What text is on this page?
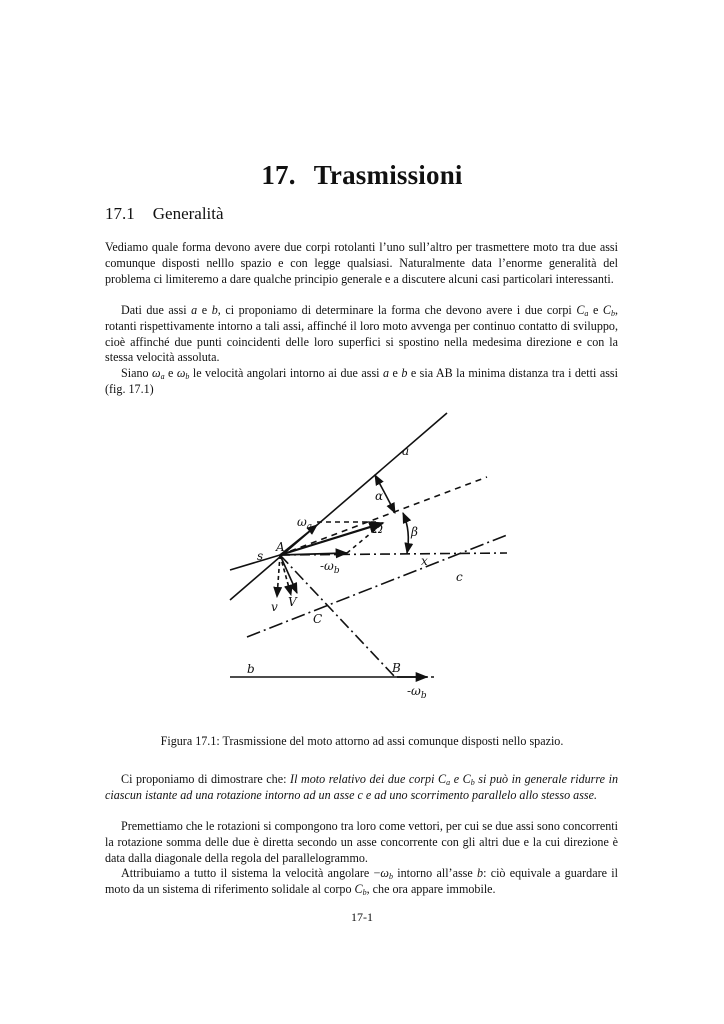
17. Trasmissioni
17.1 Generalità

Vediamo quale forma devono avere due corpi rotolanti l’uno sull’altro per trasmettere moto tra due assi comunque disposti nelllo spazio e con legge qualsiasi. Naturalmente data l’enorme generalità del problema ci limiteremo a dare qualche principio generale e a discutere alcuni casi particolari interessanti.

Dati due assi a e b, ci proponiamo di determinare la forma che devono avere i due corpi $C_a$ e $C_b$, rotanti rispettivamente intorno a tali assi, affinché il loro moto avvenga per continuo contatto di sviluppo, cioè affinché due punti coincidenti delle loro superfici si spostino nella medesima direzione e con la stessa velocità assoluta.

Siano $\omega_a$ e $\omega_b$ le velocità angolari intorno ai due assi a e b e sia AB la minima distanza tra i detti assi (fig. 17.1)

a
α
$\omega_a$	Ω β
A
$-\omega_b$
x
c
s
v V
C
b	B
$-\omega_b$
Figura 17.1: Trasmissione del moto attorno ad assi comunque disposti nello spazio.

Ci proponiamo di dimostrare che: Il moto relativo dei due corpi $C_a$ e $C_b$ si può in generale ridurre in ciascun istante ad una rotazione intorno ad un asse c e ad uno scorrimento parallelo allo stesso asse.

Premettiamo che le rotazioni si compongono tra loro come vettori, per cui se due assi sono concorrenti la rotazione somma delle due è diretta secondo un asse concorrente con gli altri due e la cui direzione è data dalla diagonale della regola del parallelogrammo.

Attribuiamo a tutto il sistema la velocità angolare $-\omega_b$ intorno all’asse b: ciò equivale a guardare il moto da un sistema di riferimento solidale al corpo $C_b$, che ora appare immobile.

17-1
